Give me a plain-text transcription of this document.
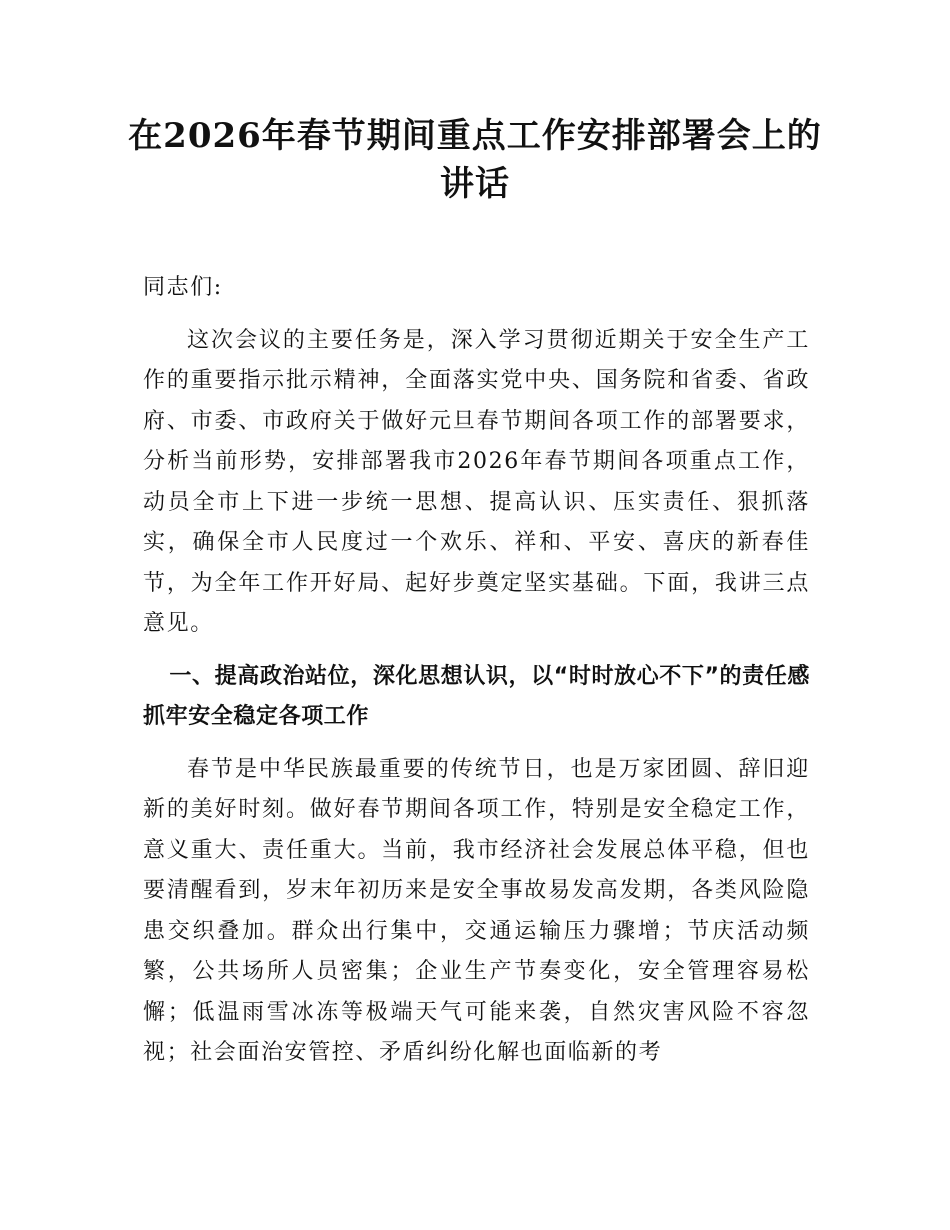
在2026年春节期间重点工作安排部署会上的讲话

同志们:

这次会议的主要任务是，深入学习贯彻近期关于安全生产工作的重要指示批示精神，全面落实党中央、国务院和省委、省政府、市委、市政府关于做好元旦春节期间各项工作的部署要求，分析当前形势，安排部署我市2026年春节期间各项重点工作，动员全市上下进一步统一思想、提高认识、压实责任、狠抓落实，确保全市人民度过一个欢乐、祥和、平安、喜庆的新春佳节，为全年工作开好局、起好步奠定坚实基础。下面，我讲三点意见。

一、提高政治站位，深化思想认识，以“时时放心不下”的责任感抓牢安全稳定各项工作

春节是中华民族最重要的传统节日，也是万家团圆、辞旧迎新的美好时刻。做好春节期间各项工作，特别是安全稳定工作，意义重大、责任重大。当前，我市经济社会发展总体平稳，但也要清醒看到，岁末年初历来是安全事故易发高发期，各类风险隐患交织叠加。群众出行集中，交通运输压力骤增；节庆活动频繁，公共场所人员密集；企业生产节奏变化，安全管理容易松懈；低温雨雪冰冻等极端天气可能来袭，自然灾害风险不容忽视；社会面治安管控、矛盾纠纷化解也面临新的考
